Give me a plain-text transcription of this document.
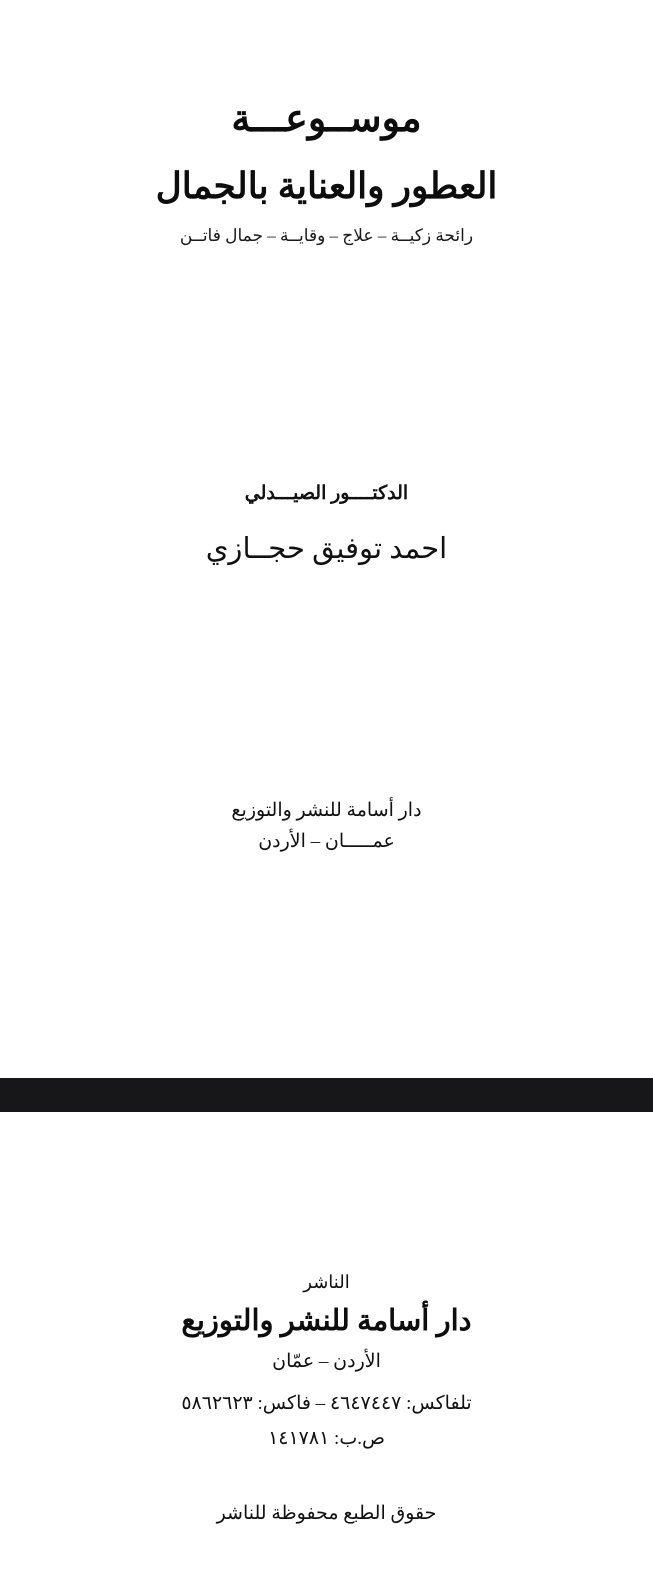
موســوعـــة
العطور والعناية بالجمال
رائحة زكيــة – علاج – وقايــة – جمال فاتــن
الدكتــــور الصيـــدلي
احمد توفيق حجــازي
دار أسامة للنشر والتوزيع
عمـــــان – الأردن
الناشر
دار أسامة للنشر والتوزيع
الأردن – عمّان
تلفاكس: ٤٦٤٧٤٤٧ – فاكس: ٥٨٦٢٦٢٣
ص.ب: ١٤١٧٨١
حقوق الطبع محفوظة للناشر
